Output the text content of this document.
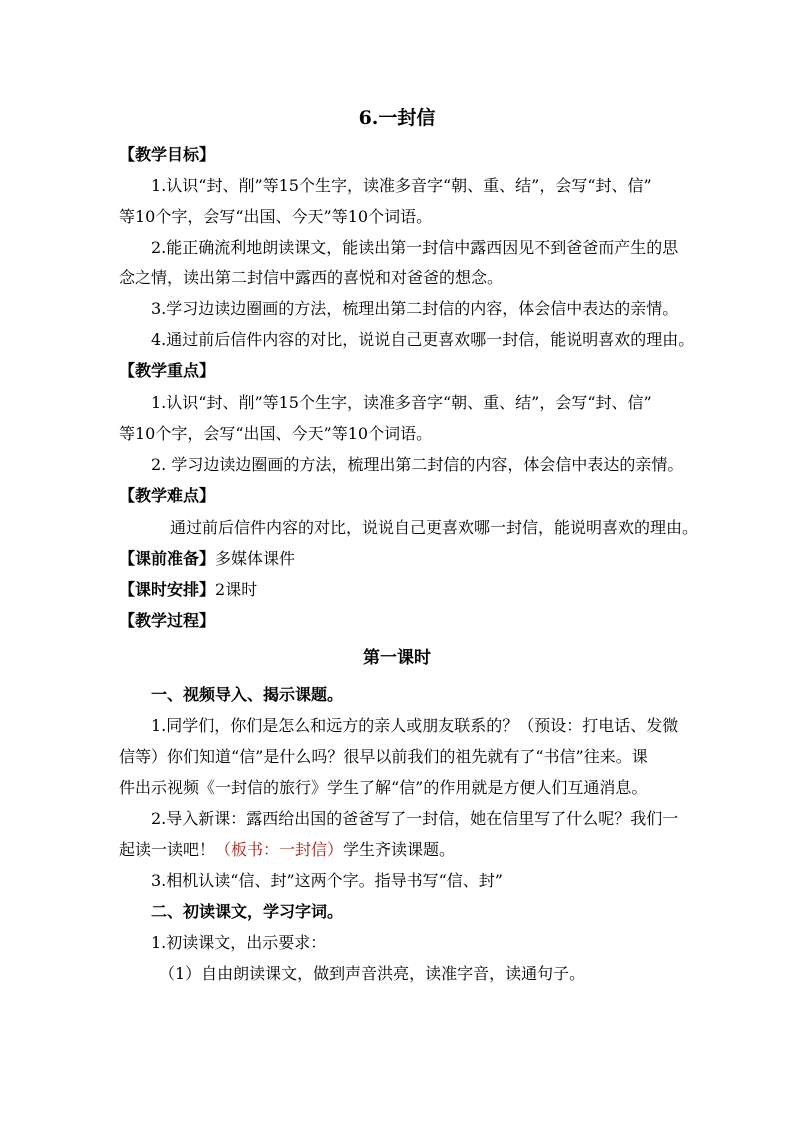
6.一封信
【教学目标】
1.认识“封、削”等15个生字，读准多音字“朝、重、结”，会写“封、信”
等10个字，会写“出国、今天”等10个词语。
2.能正确流利地朗读课文，能读出第一封信中露西因见不到爸爸而产生的思
念之情，读出第二封信中露西的喜悦和对爸爸的想念。
3.学习边读边圈画的方法，梳理出第二封信的内容，体会信中表达的亲情。
4.通过前后信件内容的对比，说说自己更喜欢哪一封信，能说明喜欢的理由。
【教学重点】
1.认识“封、削”等15个生字，读准多音字“朝、重、结”，会写“封、信”
等10个字，会写“出国、今天”等10个词语。
2. 学习边读边圈画的方法，梳理出第二封信的内容，体会信中表达的亲情。
【教学难点】
通过前后信件内容的对比，说说自己更喜欢哪一封信，能说明喜欢的理由。
【课前准备】多媒体课件
【课时安排】2课时
【教学过程】
第一课时
一、视频导入、揭示课题。
1.同学们，你们是怎么和远方的亲人或朋友联系的？（预设：打电话、发微
信等）你们知道“信”是什么吗？很早以前我们的祖先就有了“书信”往来。课
件出示视频《一封信的旅行》学生了解“信”的作用就是方便人们互通消息。
2.导入新课：露西给出国的爸爸写了一封信，她在信里写了什么呢？我们一
起读一读吧！（板书：一封信）学生齐读课题。
3.相机认读“信、封”这两个字。指导书写“信、封”
二、初读课文，学习字词。
1.初读课文，出示要求：
（1）自由朗读课文，做到声音洪亮，读准字音，读通句子。
